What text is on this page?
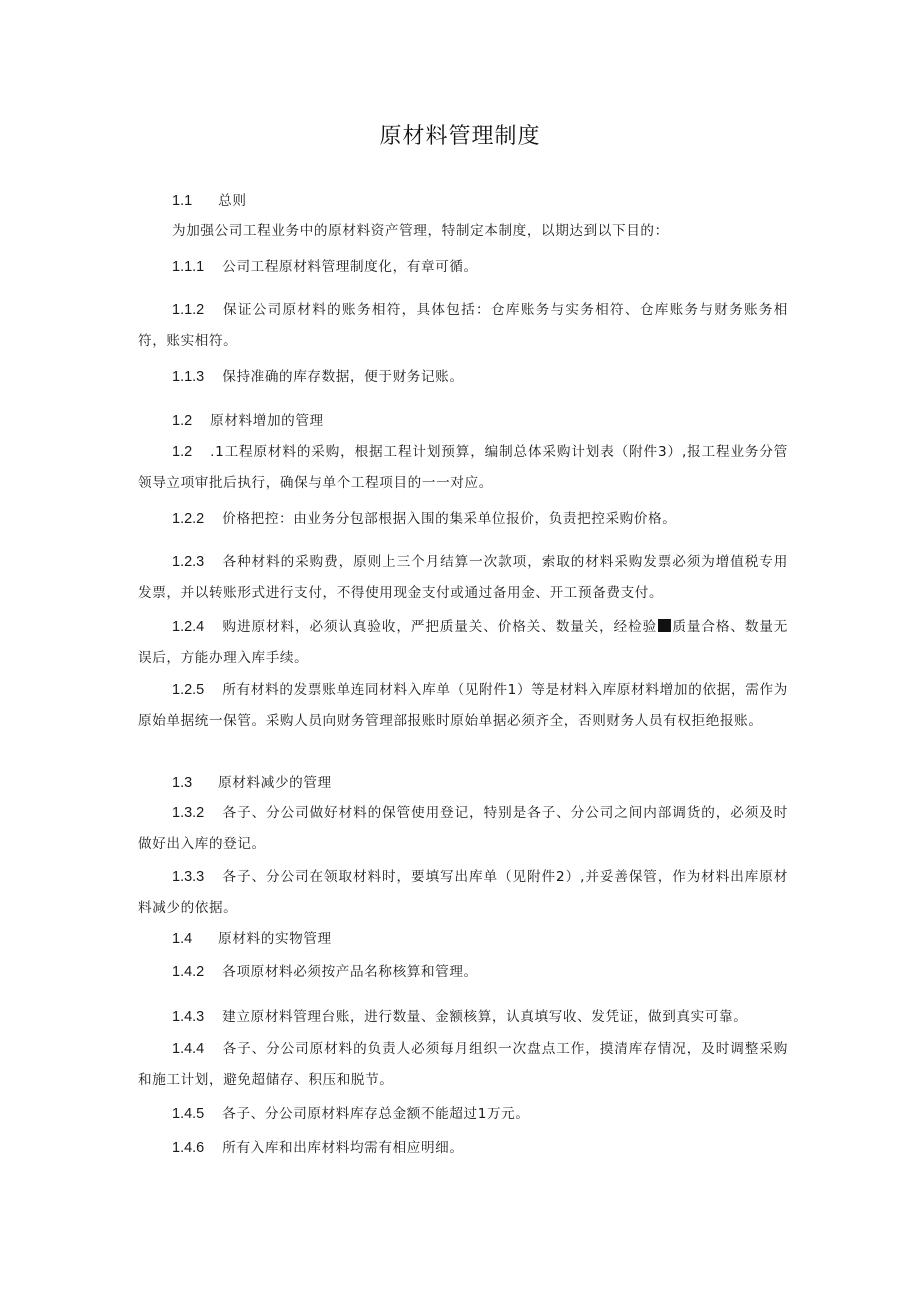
原材料管理制度

1.1 总则

为加强公司工程业务中的原材料资产管理，特制定本制度，以期达到以下目的：

1.1.1 公司工程原材料管理制度化，有章可循。

1.1.2 保证公司原材料的账务相符，具体包括：仓库账务与实务相符、仓库账务与财务账务相符，账实相符。

1.1.3 保持准确的库存数据，便于财务记账。

1.2 原材料增加的管理

1.2 .1工程原材料的采购，根据工程计划预算，编制总体采购计划表（附件3）,报工程业务分管领导立项审批后执行，确保与单个工程项目的一一对应。

1.2.2 价格把控：由业务分包部根据入围的集采单位报价，负责把控采购价格。

1.2.3 各种材料的采购费，原则上三个月结算一次款项，索取的材料采购发票必须为增值税专用发票，并以转账形式进行支付，不得使用现金支付或通过备用金、开工预备费支付。

1.2.4 购进原材料，必须认真验收，严把质量关、价格关、数量关，经检验 质量合格、数量无误后，方能办理入库手续。

1.2.5 所有材料的发票账单连同材料入库单（见附件1）等是材料入库原材料增加的依据，需作为原始单据统一保管。采购人员向财务管理部报账时原始单据必须齐全，否则财务人员有权拒绝报账。

1.3 原材料减少的管理

1.3.2 各子、分公司做好材料的保管使用登记，特别是各子、分公司之间内部调货的，必须及时做好出入库的登记。

1.3.3 各子、分公司在领取材料时，要填写出库单（见附件2）,并妥善保管，作为材料出库原材料减少的依据。

1.4 原材料的实物管理

1.4.2 各项原材料必须按产品名称核算和管理。

1.4.3 建立原材料管理台账，进行数量、金额核算，认真填写收、发凭证，做到真实可靠。

1.4.4 各子、分公司原材料的负责人必须每月组织一次盘点工作，摸清库存情况，及时调整采购和施工计划，避免超储存、积压和脱节。

1.4.5 各子、分公司原材料库存总金额不能超过1万元。

1.4.6 所有入库和出库材料均需有相应明细。
